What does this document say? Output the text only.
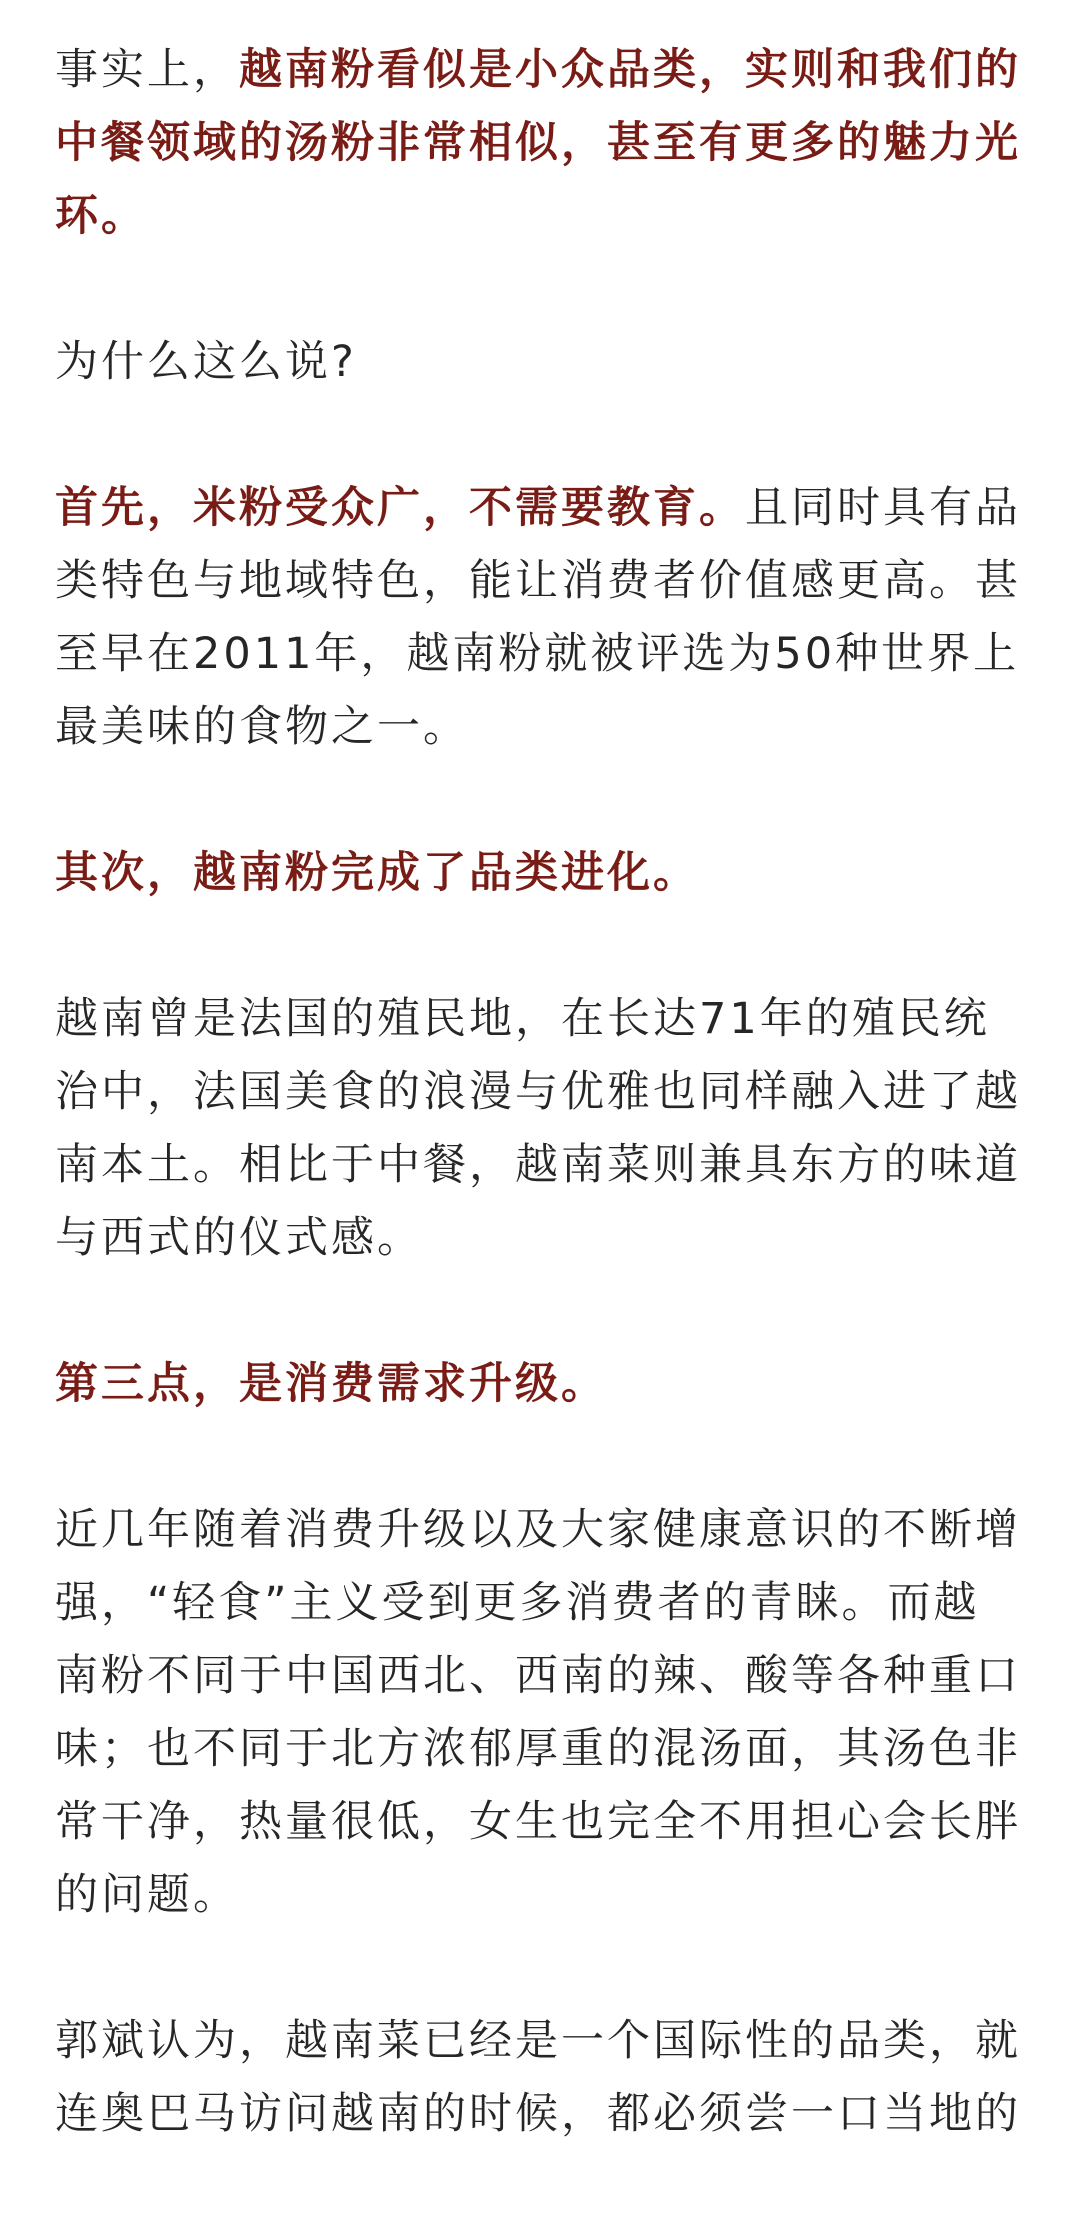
事实上，越南粉看似是小众品类，实则和我们的中餐领域的汤粉非常相似，甚至有更多的魅力光环。

为什么这么说?

首先，米粉受众广，不需要教育。且同时具有品类特色与地域特色，能让消费者价值感更高。甚至早在2011年，越南粉就被评选为50种世界上最美味的食物之一。

其次，越南粉完成了品类进化。

越南曾是法国的殖民地，在长达71年的殖民统治中，法国美食的浪漫与优雅也同样融入进了越南本土。相比于中餐，越南菜则兼具东方的味道与西式的仪式感。

第三点，是消费需求升级。

近几年随着消费升级以及大家健康意识的不断增强，“轻食”主义受到更多消费者的青睐。而越南粉不同于中国西北、西南的辣、酸等各种重口味；也不同于北方浓郁厚重的混汤面，其汤色非常干净，热量很低，女生也完全不用担心会长胖的问题。

郭斌认为，越南菜已经是一个国际性的品类，就连奥巴马访问越南的时候，都必须尝一口当地的
